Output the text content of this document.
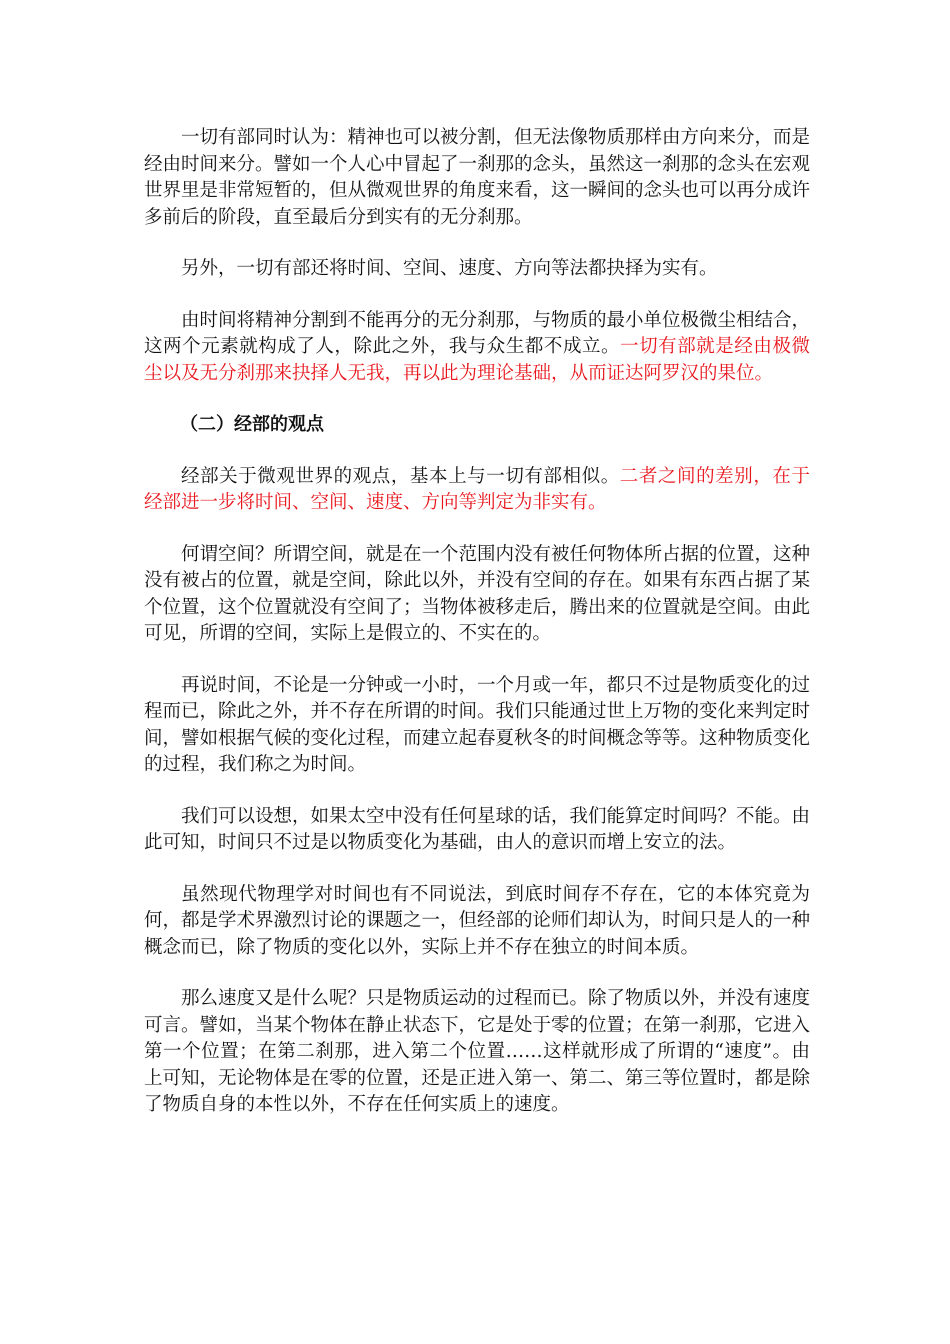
一切有部同时认为：精神也可以被分割，但无法像物质那样由方向来分，而是经由时间来分。譬如一个人心中冒起了一刹那的念头，虽然这一刹那的念头在宏观世界里是非常短暂的，但从微观世界的角度来看，这一瞬间的念头也可以再分成许多前后的阶段，直至最后分到实有的无分刹那。

另外，一切有部还将时间、空间、速度、方向等法都抉择为实有。

由时间将精神分割到不能再分的无分刹那，与物质的最小单位极微尘相结合，这两个元素就构成了人，除此之外，我与众生都不成立。一切有部就是经由极微尘以及无分刹那来抉择人无我，再以此为理论基础，从而证达阿罗汉的果位。

（二）经部的观点

经部关于微观世界的观点，基本上与一切有部相似。二者之间的差别，在于经部进一步将时间、空间、速度、方向等判定为非实有。

何谓空间？所谓空间，就是在一个范围内没有被任何物体所占据的位置，这种没有被占的位置，就是空间，除此以外，并没有空间的存在。如果有东西占据了某个位置，这个位置就没有空间了；当物体被移走后，腾出来的位置就是空间。由此可见，所谓的空间，实际上是假立的、不实在的。

再说时间，不论是一分钟或一小时，一个月或一年，都只不过是物质变化的过程而已，除此之外，并不存在所谓的时间。我们只能通过世上万物的变化来判定时间，譬如根据气候的变化过程，而建立起春夏秋冬的时间概念等等。这种物质变化的过程，我们称之为时间。

我们可以设想，如果太空中没有任何星球的话，我们能算定时间吗？不能。由此可知，时间只不过是以物质变化为基础，由人的意识而增上安立的法。

虽然现代物理学对时间也有不同说法，到底时间存不存在，它的本体究竟为何，都是学术界激烈讨论的课题之一，但经部的论师们却认为，时间只是人的一种概念而已，除了物质的变化以外，实际上并不存在独立的时间本质。

那么速度又是什么呢？只是物质运动的过程而已。除了物质以外，并没有速度可言。譬如，当某个物体在静止状态下，它是处于零的位置；在第一刹那，它进入第一个位置；在第二刹那，进入第二个位置……这样就形成了所谓的“速度”。由上可知，无论物体是在零的位置，还是正进入第一、第二、第三等位置时，都是除了物质自身的本性以外，不存在任何实质上的速度。
